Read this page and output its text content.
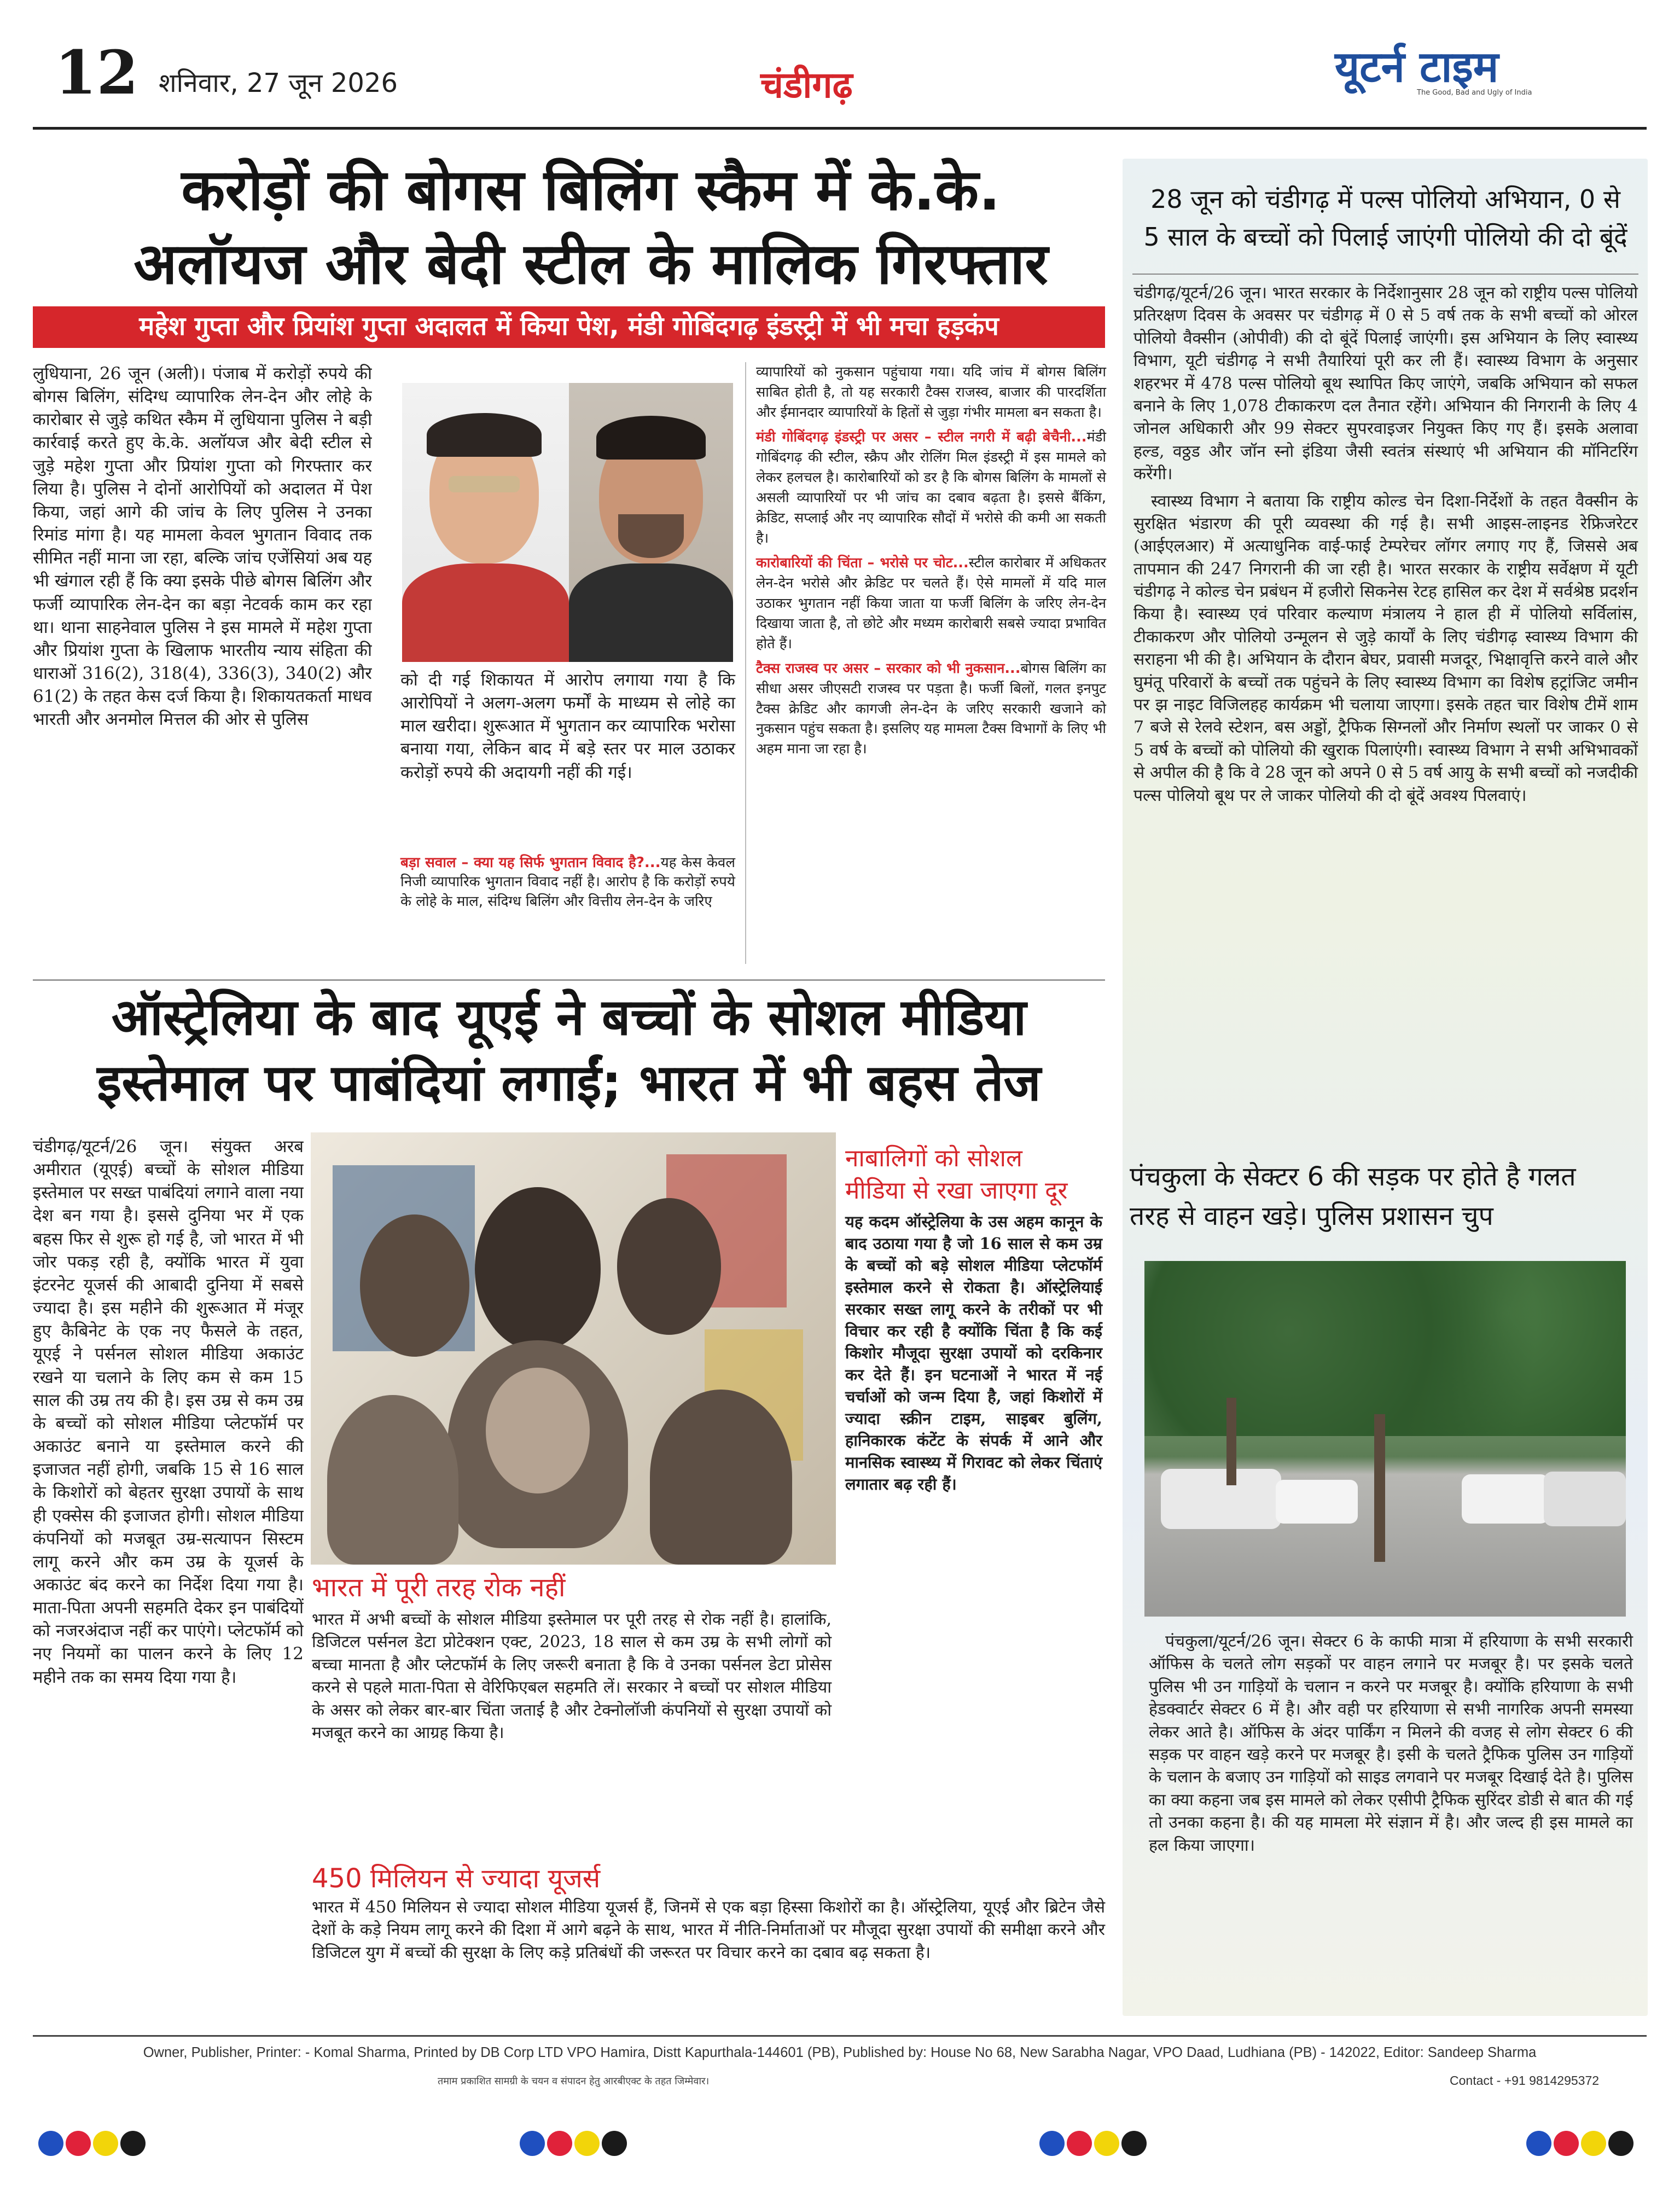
12 शनिवार, 27 जून 2026	चंडीगढ़	यूटर्न टाइम
The Good, Bad and Ugly of India
करोड़ों की बोगस बिलिंग स्कैम में के.के.
अलॉयज और बेदी स्टील के मालिक गिरफ्तार
महेश गुप्ता और प्रियांश गुप्ता अदालत में किया पेश, मंडी गोबिंदगढ़ इंडस्ट्री में भी मचा हड़कंप

लुधियाना, 26 जून (अली)। पंजाब में करोड़ों रुपये की बोगस बिलिंग, संदिग्ध व्यापारिक लेन-देन और लोहे के कारोबार से जुड़े कथित स्कैम में लुधियाना पुलिस ने बड़ी कार्रवाई करते हुए के.के. अलॉयज और बेदी स्टील से जुड़े महेश गुप्ता और प्रियांश गुप्ता को गिरफ्तार कर लिया है। पुलिस ने दोनों आरोपियों को अदालत में पेश किया, जहां आगे की जांच के लिए पुलिस ने उनका रिमांड मांगा है। यह मामला केवल भुगतान विवाद तक सीमित नहीं माना जा रहा, बल्कि जांच एजेंसियां अब यह भी खंगाल रही हैं कि क्या इसके पीछे बोगस बिलिंग और फर्जी व्यापारिक लेन-देन का बड़ा नेटवर्क काम कर रहा था। थाना साहनेवाल पुलिस ने इस मामले में महेश गुप्ता और प्रियांश गुप्ता के खिलाफ भारतीय न्याय संहिता की धाराओं 316(2), 318(4), 336(3), 340(2) और 61(2) के तहत केस दर्ज किया है। शिकायतकर्ता माधव भारती और अनमोल मित्तल की ओर से पुलिस

को दी गई शिकायत में आरोप लगाया गया है कि आरोपियों ने अलग-अलग फर्मों के माध्यम से लोहे का माल खरीदा। शुरूआत में भुगतान कर व्यापारिक भरोसा बनाया गया, लेकिन बाद में बड़े स्तर पर माल उठाकर करोड़ों रुपये की अदायगी नहीं की गई।

बड़ा सवाल – क्या यह सिर्फ भुगतान विवाद है?...यह केस केवल निजी व्यापारिक भुगतान विवाद नहीं है। आरोप है कि करोड़ों रुपये के लोहे के माल, संदिग्ध बिलिंग और वित्तीय लेन-देन के जरिए

व्यापारियों को नुकसान पहुंचाया गया। यदि जांच में बोगस बिलिंग साबित होती है, तो यह सरकारी टैक्स राजस्व, बाजार की पारदर्शिता और ईमानदार व्यापारियों के हितों से जुड़ा गंभीर मामला बन सकता है।

मंडी गोबिंदगढ़ इंडस्ट्री पर असर – स्टील नगरी में बढ़ी बेचैनी...मंडी गोबिंदगढ़ की स्टील, स्क्रैप और रोलिंग मिल इंडस्ट्री में इस मामले को लेकर हलचल है। कारोबारियों को डर है कि बोगस बिलिंग के मामलों से असली व्यापारियों पर भी जांच का दबाव बढ़ता है। इससे बैंकिंग, क्रेडिट, सप्लाई और नए व्यापारिक सौदों में भरोसे की कमी आ सकती है।

कारोबारियों की चिंता – भरोसे पर चोट...स्टील कारोबार में अधिकतर लेन-देन भरोसे और क्रेडिट पर चलते हैं। ऐसे मामलों में यदि माल उठाकर भुगतान नहीं किया जाता या फर्जी बिलिंग के जरिए लेन-देन दिखाया जाता है, तो छोटे और मध्यम कारोबारी सबसे ज्यादा प्रभावित होते हैं।

टैक्स राजस्व पर असर – सरकार को भी नुकसान...बोगस बिलिंग का सीधा असर जीएसटी राजस्व पर पड़ता है। फर्जी बिलों, गलत इनपुट टैक्स क्रेडिट और कागजी लेन-देन के जरिए सरकारी खजाने को नुकसान पहुंच सकता है। इसलिए यह मामला टैक्स विभागों के लिए भी अहम माना जा रहा है।

ऑस्ट्रेलिया के बाद यूएई ने बच्चों के सोशल मीडिया
इस्तेमाल पर पाबंदियां लगाईं; भारत में भी बहस तेज

चंडीगढ़/यूटर्न/26 जून। संयुक्त अरब अमीरात (यूएई) बच्चों के सोशल मीडिया इस्तेमाल पर सख्त पाबंदियां लगाने वाला नया देश बन गया है। इससे दुनिया भर में एक बहस फिर से शुरू हो गई है, जो भारत में भी जोर पकड़ रही है, क्योंकि भारत में युवा इंटरनेट यूजर्स की आबादी दुनिया में सबसे ज्यादा है। इस महीने की शुरूआत में मंजूर हुए कैबिनेट के एक नए फैसले के तहत, यूएई ने पर्सनल सोशल मीडिया अकाउंट रखने या चलाने के लिए कम से कम 15 साल की उम्र तय की है। इस उम्र से कम उम्र के बच्चों को सोशल मीडिया प्लेटफॉर्म पर अकाउंट बनाने या इस्तेमाल करने की इजाजत नहीं होगी, जबकि 15 से 16 साल के किशोरों को बेहतर सुरक्षा उपायों के साथ ही एक्सेस की इजाजत होगी। सोशल मीडिया कंपनियों को मजबूत उम्र-सत्यापन सिस्टम लागू करने और कम उम्र के यूजर्स के अकाउंट बंद करने का निर्देश दिया गया है। माता-पिता अपनी सहमति देकर इन पाबंदियों को नजरअंदाज नहीं कर पाएंगे। प्लेटफॉर्म को नए नियमों का पालन करने के लिए 12 महीने तक का समय दिया गया है।

नाबालिगों को सोशल
मीडिया से रखा जाएगा दूर
यह कदम ऑस्ट्रेलिया के उस अहम कानून के बाद उठाया गया है जो 16 साल से कम उम्र के बच्चों को बड़े सोशल मीडिया प्लेटफॉर्म इस्तेमाल करने से रोकता है। ऑस्ट्रेलियाई सरकार सख्त लागू करने के तरीकों पर भी विचार कर रही है क्योंकि चिंता है कि कई किशोर मौजूदा सुरक्षा उपायों को दरकिनार कर देते हैं। इन घटनाओं ने भारत में नई चर्चाओं को जन्म दिया है, जहां किशोरों में ज्यादा स्क्रीन टाइम, साइबर बुलिंग, हानिकारक कंटेंट के संपर्क में आने और मानसिक स्वास्थ्य में गिरावट को लेकर चिंताएं लगातार बढ़ रही हैं।
भारत में पूरी तरह रोक नहीं
भारत में अभी बच्चों के सोशल मीडिया इस्तेमाल पर पूरी तरह से रोक नहीं है। हालांकि, डिजिटल पर्सनल डेटा प्रोटेक्शन एक्ट, 2023, 18 साल से कम उम्र के सभी लोगों को बच्चा मानता है और प्लेटफॉर्म के लिए जरूरी बनाता है कि वे उनका पर्सनल डेटा प्रोसेस करने से पहले माता-पिता से वेरिफिएबल सहमति लें। सरकार ने बच्चों पर सोशल मीडिया के असर को लेकर बार-बार चिंता जताई है और टेक्नोलॉजी कंपनियों से सुरक्षा उपायों को मजबूत करने का आग्रह किया है।
450 मिलियन से ज्यादा यूजर्स
भारत में 450 मिलियन से ज्यादा सोशल मीडिया यूजर्स हैं, जिनमें से एक बड़ा हिस्सा किशोरों का है। ऑस्ट्रेलिया, यूएई और ब्रिटेन जैसे देशों के कड़े नियम लागू करने की दिशा में आगे बढ़ने के साथ, भारत में नीति-निर्माताओं पर मौजूदा सुरक्षा उपायों की समीक्षा करने और डिजिटल युग में बच्चों की सुरक्षा के लिए कड़े प्रतिबंधों की जरूरत पर विचार करने का दबाव बढ़ सकता है।
28 जून को चंडीगढ़ में पल्स पोलियो अभियान, 0 से
5 साल के बच्चों को पिलाई जाएंगी पोलियो की दो बूंदें

चंडीगढ़/यूटर्न/26 जून। भारत सरकार के निर्देशानुसार 28 जून को राष्ट्रीय पल्स पोलियो प्रतिरक्षण दिवस के अवसर पर चंडीगढ़ में 0 से 5 वर्ष तक के सभी बच्चों को ओरल पोलियो वैक्सीन (ओपीवी) की दो बूंदें पिलाई जाएंगी। इस अभियान के लिए स्वास्थ्य विभाग, यूटी चंडीगढ़ ने सभी तैयारियां पूरी कर ली हैं। स्वास्थ्य विभाग के अनुसार शहरभर में 478 पल्स पोलियो बूथ स्थापित किए जाएंगे, जबकि अभियान को सफल बनाने के लिए 1,078 टीकाकरण दल तैनात रहेंगे। अभियान की निगरानी के लिए 4 जोनल अधिकारी और 99 सेक्टर सुपरवाइजर नियुक्त किए गए हैं। इसके अलावा हल्ड, वठ्ठड और जॉन स्नो इंडिया जैसी स्वतंत्र संस्थाएं भी अभियान की मॉनिटरिंग करेंगी।

स्वास्थ्य विभाग ने बताया कि राष्ट्रीय कोल्ड चेन दिशा-निर्देशों के तहत वैक्सीन के सुरक्षित भंडारण की पूरी व्यवस्था की गई है। सभी आइस-लाइनड रेफ्रिजरेटर (आईएलआर) में अत्याधुनिक वाई-फाई टेम्परेचर लॉगर लगाए गए हैं, जिससे अब तापमान की 247 निगरानी की जा रही है। भारत सरकार के राष्ट्रीय सर्वेक्षण में यूटी चंडीगढ़ ने कोल्ड चेन प्रबंधन में हजीरो सिकनेस रेटह हासिल कर देश में सर्वश्रेष्ठ प्रदर्शन किया है। स्वास्थ्य एवं परिवार कल्याण मंत्रालय ने हाल ही में पोलियो सर्विलांस, टीकाकरण और पोलियो उन्मूलन से जुड़े कार्यों के लिए चंडीगढ़ स्वास्थ्य विभाग की सराहना भी की है। अभियान के दौरान बेघर, प्रवासी मजदूर, भिक्षावृत्ति करने वाले और घुमंतू परिवारों के बच्चों तक पहुंचने के लिए स्वास्थ्य विभाग का विशेष हट्रांजिट जमीन पर झ नाइट विजिलहह कार्यक्रम भी चलाया जाएगा। इसके तहत चार विशेष टीमें शाम 7 बजे से रेलवे स्टेशन, बस अड्डों, ट्रैफिक सिग्नलों और निर्माण स्थलों पर जाकर 0 से 5 वर्ष के बच्चों को पोलियो की खुराक पिलाएंगी। स्वास्थ्य विभाग ने सभी अभिभावकों से अपील की है कि वे 28 जून को अपने 0 से 5 वर्ष आयु के सभी बच्चों को नजदीकी पल्स पोलियो बूथ पर ले जाकर पोलियो की दो बूंदें अवश्य पिलवाएं।

पंचकुला के सेक्टर 6 की सड़क पर होते है गलत
तरह से वाहन खड़े। पुलिस प्रशासन चुप

पंचकुला/यूटर्न/26 जून। सेक्टर 6 के काफी मात्रा में हरियाणा के सभी सरकारी ऑफिस के चलते लोग सड़कों पर वाहन लगाने पर मजबूर है। पर इसके चलते पुलिस भी उन गाड़ियों के चलान न करने पर मजबूर है। क्योंकि हरियाणा के सभी हेडक्वार्टर सेक्टर 6 में है। और वही पर हरियाणा से सभी नागरिक अपनी समस्या लेकर आते है। ऑफिस के अंदर पार्किंग न मिलने की वजह से लोग सेक्टर 6 की सड़क पर वाहन खड़े करने पर मजबूर है। इसी के चलते ट्रैफिक पुलिस उन गाड़ियों के चलान के बजाए उन गाड़ियों को साइड लगवाने पर मजबूर दिखाई देते है। पुलिस का क्या कहना जब इस मामले को लेकर एसीपी ट्रैफिक सुरिंदर डोडी से बात की गई तो उनका कहना है। की यह मामला मेरे संज्ञान में है। और जल्द ही इस मामले का हल किया जाएगा।

Owner, Publisher, Printer: - Komal Sharma, Printed by DB Corp LTD VPO Hamira, Distt Kapurthala-144601 (PB), Published by: House No 68, New Sarabha Nagar, VPO Daad, Ludhiana (PB) - 142022, Editor: Sandeep Sharma
तमाम प्रकाशित सामग्री के चयन व संपादन हेतु आरबीएक्ट के तहत जिम्मेवार।	Contact - +91 9814295372
